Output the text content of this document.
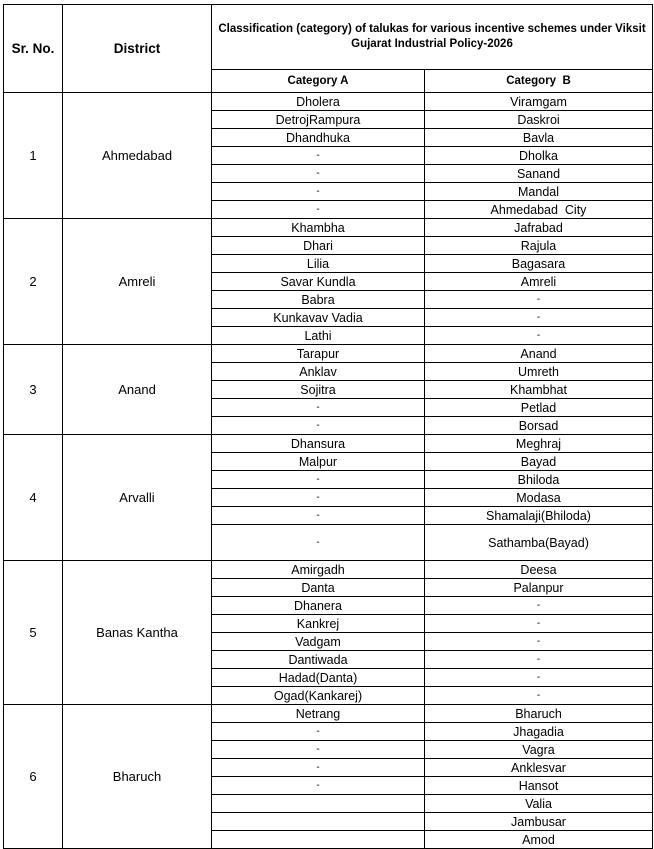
Sr. No.	District	Classification (category) of talukas for various incentive schemes under Viksit Gujarat Industrial Policy-2026	
		Category A	Category  B
1	Ahmedabad	Dholera	Viramgam
		DetrojRampura	Daskroi
		Dhandhuka	Bavla
		-	Dholka
		-	Sanand
		-	Mandal
		-	Ahmedabad  City
2	Amreli	Khambha	Jafrabad
		Dhari	Rajula
		Lilia	Bagasara
		Savar Kundla	Amreli
		Babra	-
		Kunkavav Vadia	-
		Lathi	-
3	Anand	Tarapur	Anand
		Anklav	Umreth
		Sojitra	Khambhat
		-	Petlad
		-	Borsad
4	Arvalli	Dhansura	Meghraj
		Malpur	Bayad
		-	Bhiloda
		-	Modasa
		-	Shamalaji(Bhiloda)
		-	Sathamba(Bayad)
5	Banas Kantha	Amirgadh	Deesa
		Danta	Palanpur
		Dhanera	-
		Kankrej	-
		Vadgam	-
		Dantiwada	-
		Hadad(Danta)	-
		Ogad(Kankarej)	-
6	Bharuch	Netrang	Bharuch
		-	Jhagadia
		-	Vagra
		-	Anklesvar
		-	Hansot
			Valia
			Jambusar
			Amod
